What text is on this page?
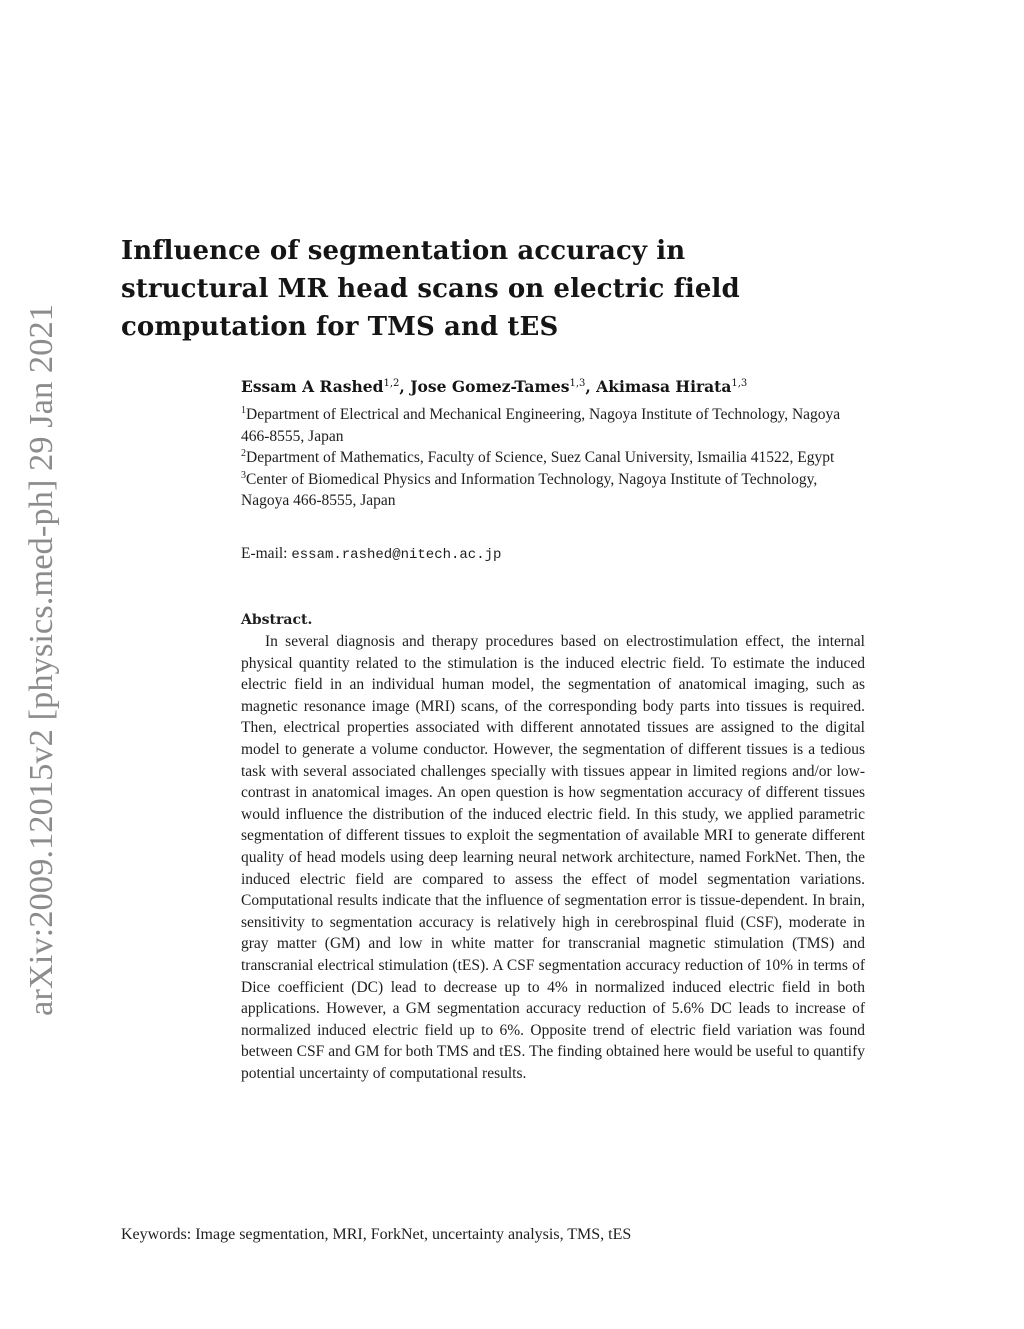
arXiv:2009.12015v2 [physics.med-ph] 29 Jan 2021
Influence of segmentation accuracy in structural MR head scans on electric field computation for TMS and tES
Essam A Rashed$^{1,2}$, Jose Gomez-Tames$^{1,3}$, Akimasa Hirata$^{1,3}$

$^1$Department of Electrical and Mechanical Engineering, Nagoya Institute of Technology, Nagoya 466-8555, Japan

$^2$Department of Mathematics, Faculty of Science, Suez Canal University, Ismailia 41522, Egypt

$^3$Center of Biomedical Physics and Information Technology, Nagoya Institute of Technology, Nagoya 466-8555, Japan

E-mail: essam.rashed@nitech.ac.jp
Abstract.

In several diagnosis and therapy procedures based on electrostimulation effect, the internal physical quantity related to the stimulation is the induced electric field. To estimate the induced electric field in an individual human model, the segmentation of anatomical imaging, such as magnetic resonance image (MRI) scans, of the corresponding body parts into tissues is required. Then, electrical properties associated with different annotated tissues are assigned to the digital model to generate a volume conductor. However, the segmentation of different tissues is a tedious task with several associated challenges specially with tissues appear in limited regions and/or low-contrast in anatomical images. An open question is how segmentation accuracy of different tissues would influence the distribution of the induced electric field. In this study, we applied parametric segmentation of different tissues to exploit the segmentation of available MRI to generate different quality of head models using deep learning neural network architecture, named ForkNet. Then, the induced electric field are compared to assess the effect of model segmentation variations. Computational results indicate that the influence of segmentation error is tissue-dependent. In brain, sensitivity to segmentation accuracy is relatively high in cerebrospinal fluid (CSF), moderate in gray matter (GM) and low in white matter for transcranial magnetic stimulation (TMS) and transcranial electrical stimulation (tES). A CSF segmentation accuracy reduction of 10% in terms of Dice coefficient (DC) lead to decrease up to 4% in normalized induced electric field in both applications. However, a GM segmentation accuracy reduction of 5.6% DC leads to increase of normalized induced electric field up to 6%. Opposite trend of electric field variation was found between CSF and GM for both TMS and tES. The finding obtained here would be useful to quantify potential uncertainty of computational results.

Keywords: Image segmentation, MRI, ForkNet, uncertainty analysis, TMS, tES
